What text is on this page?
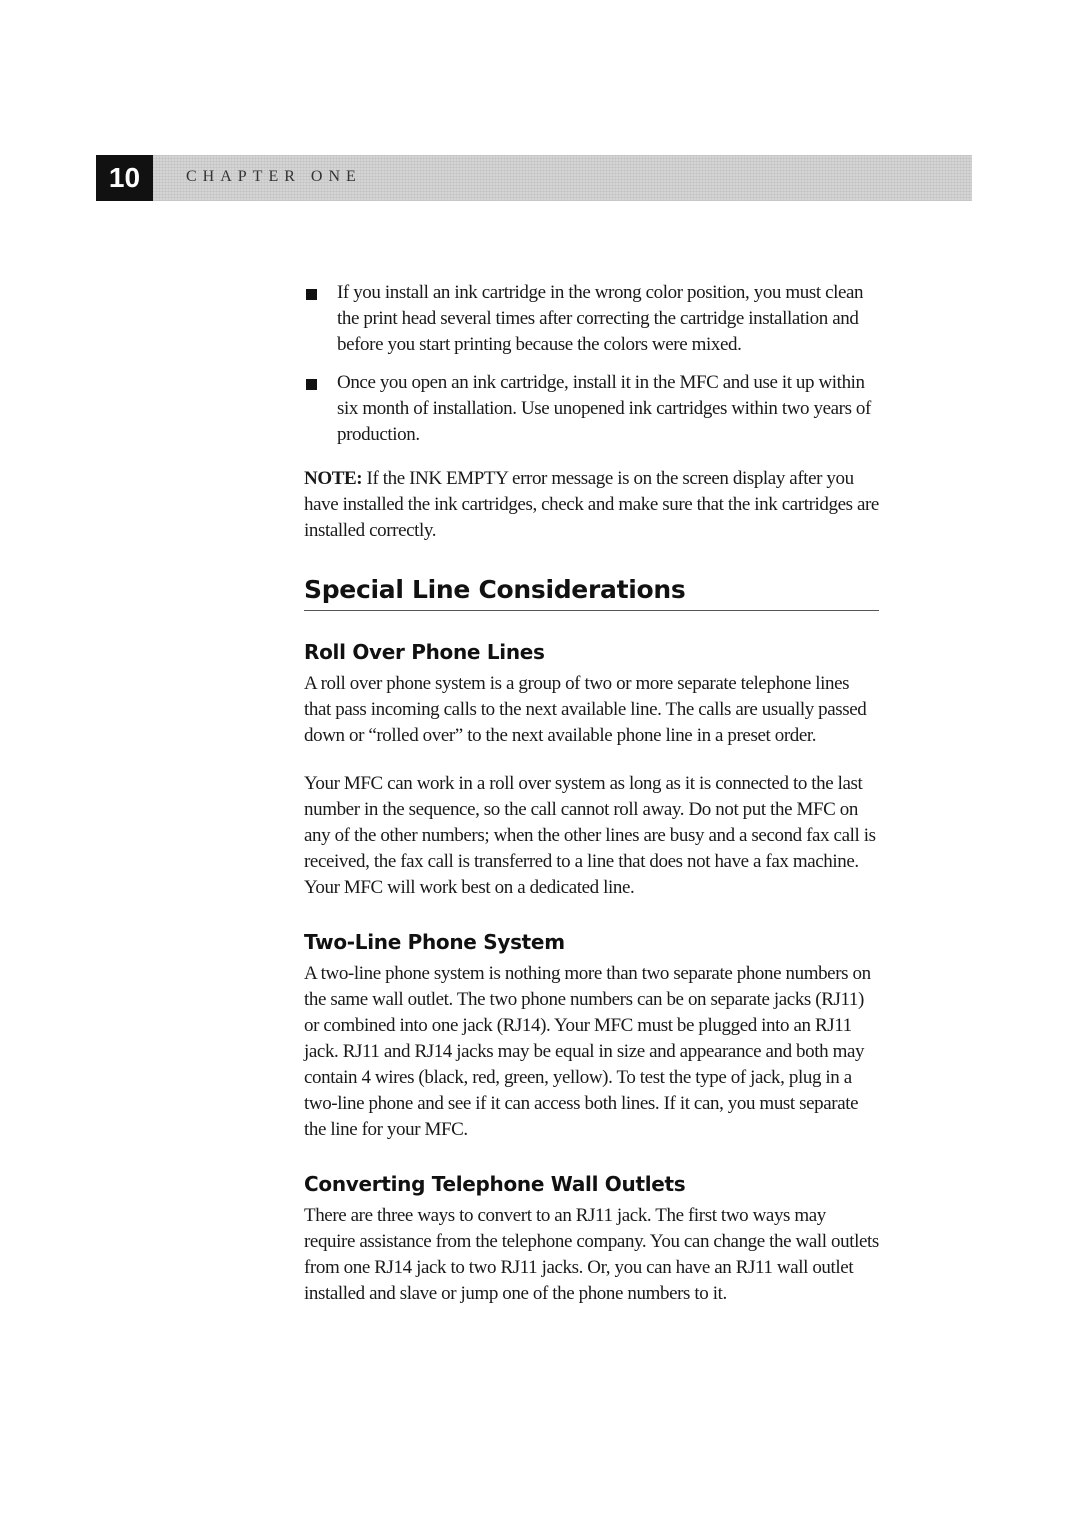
10	CHAPTER ONE
If you install an ink cartridge in the wrong color position, you must clean the print head several times after correcting the cartridge installation and before you start printing because the colors were mixed.
Once you open an ink cartridge, install it in the MFC and use it up within six month of installation. Use unopened ink cartridges within two years of production.

NOTE: If the INK EMPTY error message is on the screen display after you have installed the ink cartridges, check and make sure that the ink cartridges are installed correctly.

Special Line Considerations
Roll Over Phone Lines

A roll over phone system is a group of two or more separate telephone lines that pass incoming calls to the next available line. The calls are usually passed down or “rolled over” to the next available phone line in a preset order.

Your MFC can work in a roll over system as long as it is connected to the last number in the sequence, so the call cannot roll away. Do not put the MFC on any of the other numbers; when the other lines are busy and a second fax call is received, the fax call is transferred to a line that does not have a fax machine. Your MFC will work best on a dedicated line.

Two-Line Phone System

A two-line phone system is nothing more than two separate phone numbers on the same wall outlet. The two phone numbers can be on separate jacks (RJ11) or combined into one jack (RJ14). Your MFC must be plugged into an RJ11 jack. RJ11 and RJ14 jacks may be equal in size and appearance and both may contain 4 wires (black, red, green, yellow). To test the type of jack, plug in a two-line phone and see if it can access both lines. If it can, you must separate the line for your MFC.

Converting Telephone Wall Outlets

There are three ways to convert to an RJ11 jack. The first two ways may require assistance from the telephone company. You can change the wall outlets from one RJ14 jack to two RJ11 jacks. Or, you can have an RJ11 wall outlet installed and slave or jump one of the phone numbers to it.
